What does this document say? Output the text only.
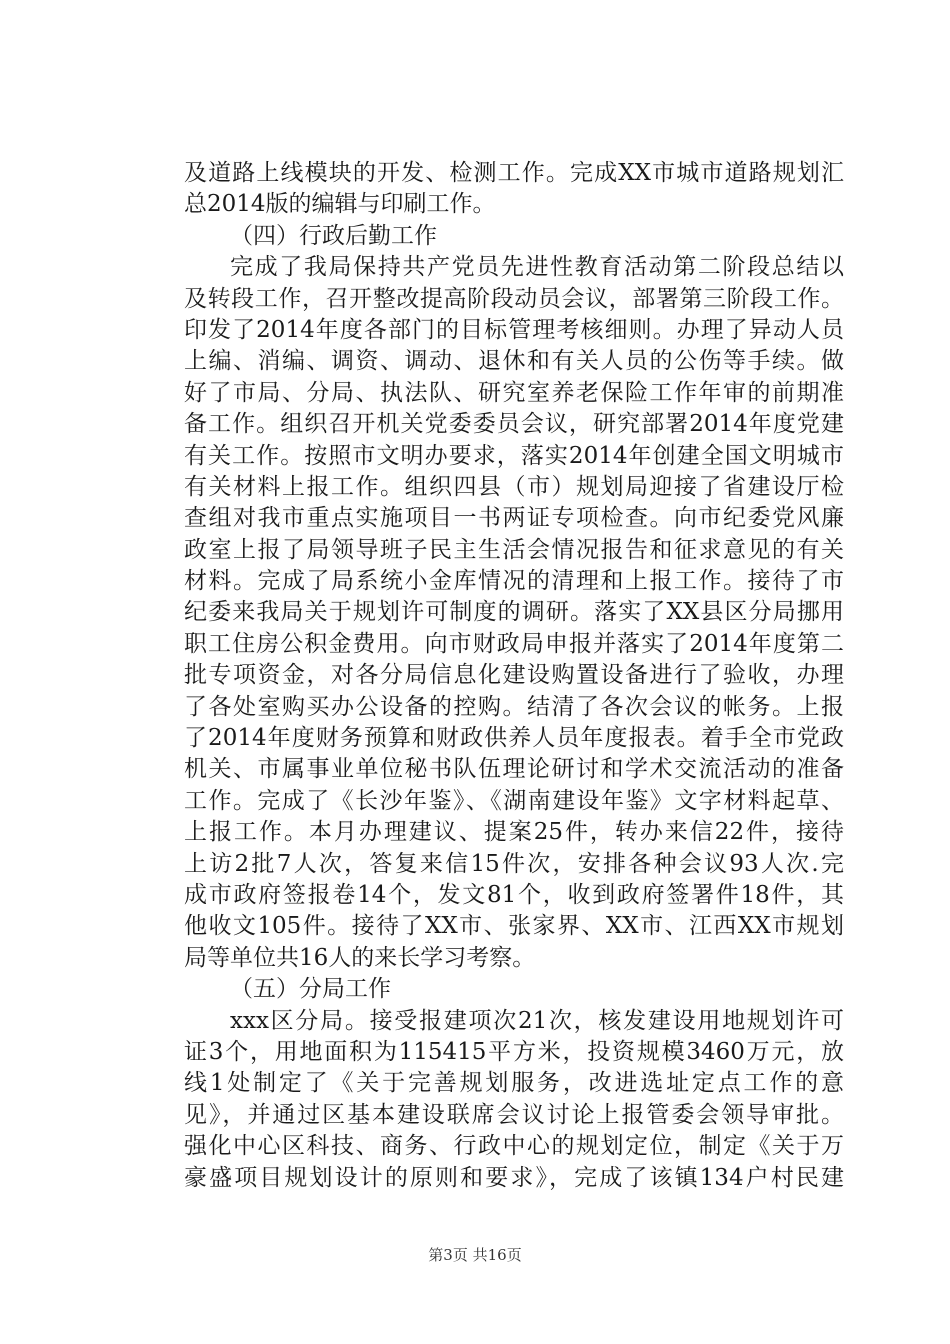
及道路上线模块的开发、检测工作。完成XX市城市道路规划汇
总2014版的编辑与印刷工作。
（四）行政后勤工作
完成了我局保持共产党员先进性教育活动第二阶段总结以
及转段工作，召开整改提高阶段动员会议，部署第三阶段工作。
印发了2014年度各部门的目标管理考核细则。办理了异动人员
上编、消编、调资、调动、退休和有关人员的公伤等手续。做
好了市局、分局、执法队、研究室养老保险工作年审的前期准
备工作。组织召开机关党委委员会议，研究部署2014年度党建
有关工作。按照市文明办要求，落实2014年创建全国文明城市
有关材料上报工作。组织四县（市）规划局迎接了省建设厅检
查组对我市重点实施项目一书两证专项检查。向市纪委党风廉
政室上报了局领导班子民主生活会情况报告和征求意见的有关
材料。完成了局系统小金库情况的清理和上报工作。接待了市
纪委来我局关于规划许可制度的调研。落实了XX县区分局挪用
职工住房公积金费用。向市财政局申报并落实了2014年度第二
批专项资金，对各分局信息化建设购置设备进行了验收，办理
了各处室购买办公设备的控购。结清了各次会议的帐务。上报
了2014年度财务预算和财政供养人员年度报表。着手全市党政
机关、市属事业单位秘书队伍理论研讨和学术交流活动的准备
工作。完成了《长沙年鉴》、《湖南建设年鉴》文字材料起草、
上报工作。本月办理建议、提案25件，转办来信22件，接待
上访2批7人次，答复来信15件次，安排各种会议93人次.完
成市政府签报卷14个，发文81个，收到政府签署件18件，其
他收文105件。接待了XX市、张家界、XX市、江西XX市规划
局等单位共16人的来长学习考察。
（五）分局工作
xxx区分局。接受报建项次21次，核发建设用地规划许可
证3个，用地面积为115415平方米，投资规模3460万元，放
线1处制定了《关于完善规划服务，改进选址定点工作的意
见》，并通过区基本建设联席会议讨论上报管委会领导审批。
强化中心区科技、商务、行政中心的规划定位，制定《关于万
豪盛项目规划设计的原则和要求》，完成了该镇134户村民建
第3页 共16页
